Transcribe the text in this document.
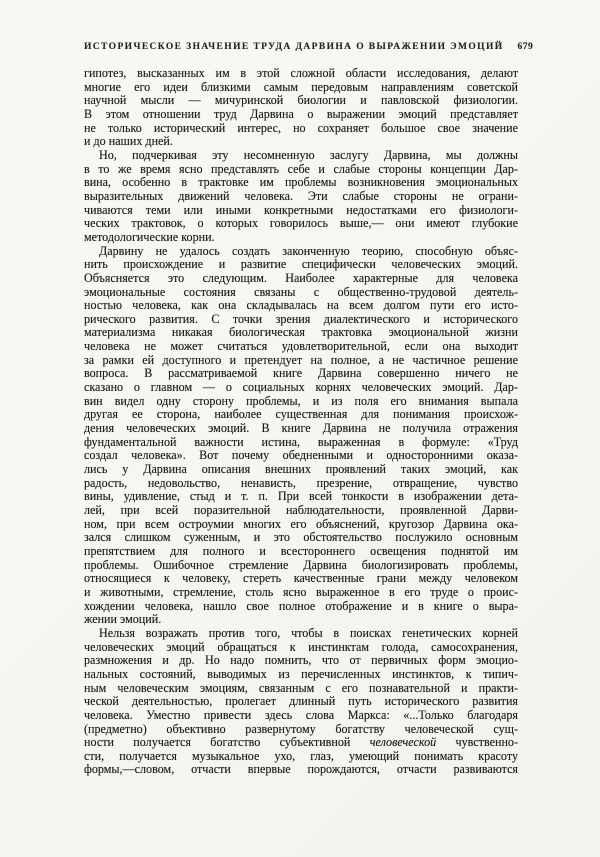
ИСТОРИЧЕСКОЕ ЗНАЧЕНИЕ ТРУДА ДАРВИНА О ВЫРАЖЕНИИ ЭМОЦИЙ 679
гипотез, высказанных им в этой сложной области исследования, делают
многие его идеи близкими самым передовым направлениям советской
научной мысли — мичуринской биологии и павловской физиологии.
В этом отношении труд Дарвина о выражении эмоций представляет
не только исторический интерес, но сохраняет большое свое значение
и до наших дней.
Но, подчеркивая эту несомненную заслугу Дарвина, мы должны
в то же время ясно представлять себе и слабые стороны концепции Дар-
вина, особенно в трактовке им проблемы возникновения эмоциональных
выразительных движений человека. Эти слабые стороны не ограни-
чиваются теми или иными конкретными недостатками его физиологи-
ческих трактовок, о которых говорилось выше,— они имеют глубокие
методологические корни.
Дарвину не удалось создать законченную теорию, способную объяс-
нить происхождение и развитие специфически человеческих эмоций.
Объясняется это следующим. Наиболее характерные для человека
эмоциональные состояния связаны с общественно-трудовой деятель-
ностью человека, как она складывалась на всем долгом пути его исто-
рического развития. С точки зрения диалектического и исторического
материализма никакая биологическая трактовка эмоциональной жизни
человека не может считаться удовлетворительной, если она выходит
за рамки ей доступного и претендует на полное, а не частичное решение
вопроса. В рассматриваемой книге Дарвина совершенно ничего не
сказано о главном — о социальных корнях человеческих эмоций. Дар-
вин видел одну сторону проблемы, и из поля его внимания выпала
другая ее сторона, наиболее существенная для понимания происхож-
дения человеческих эмоций. В книге Дарвина не получила отражения
фундаментальной важности истина, выраженная в формуле: «Труд
создал человека». Вот почему обедненными и односторонними оказа-
лись у Дарвина описания внешних проявлений таких эмоций, как
радость, недовольство, ненависть, презрение, отвращение, чувство
вины, удивление, стыд и т. п. При всей тонкости в изображении дета-
лей, при всей поразительной наблюдательности, проявленной Дарви-
ном, при всем остроумии многих его объяснений, кругозор Дарвина ока-
зался слишком суженным, и это обстоятельство послужило основным
препятствием для полного и всестороннего освещения поднятой им
проблемы. Ошибочное стремление Дарвина биологизировать проблемы,
относящиеся к человеку, стереть качественные грани между человеком
и животными, стремление, столь ясно выраженное в его труде о проис-
хождении человека, нашло свое полное отображение и в книге о выра-
жении эмоций.
Нельзя возражать против того, чтобы в поисках генетических корней
человеческих эмоций обращаться к инстинктам голода, самосохранения,
размножения и др. Но надо помнить, что от первичных форм эмоцио-
нальных состояний, выводимых из перечисленных инстинктов, к типич-
ным человеческим эмоциям, связанным с его познавательной и практи-
ческой деятельностью, пролегает длинный путь исторического развития
человека. Уместно привести здесь слова Маркса: «...Только благодаря
(предметно) объективно развернутому богатству человеческой сущ-
ности получается богатство субъективной человеческой чувственно-
сти, получается музыкальное ухо, глаз, умеющий понимать красоту
формы,—словом, отчасти впервые порождаются, отчасти развиваются
